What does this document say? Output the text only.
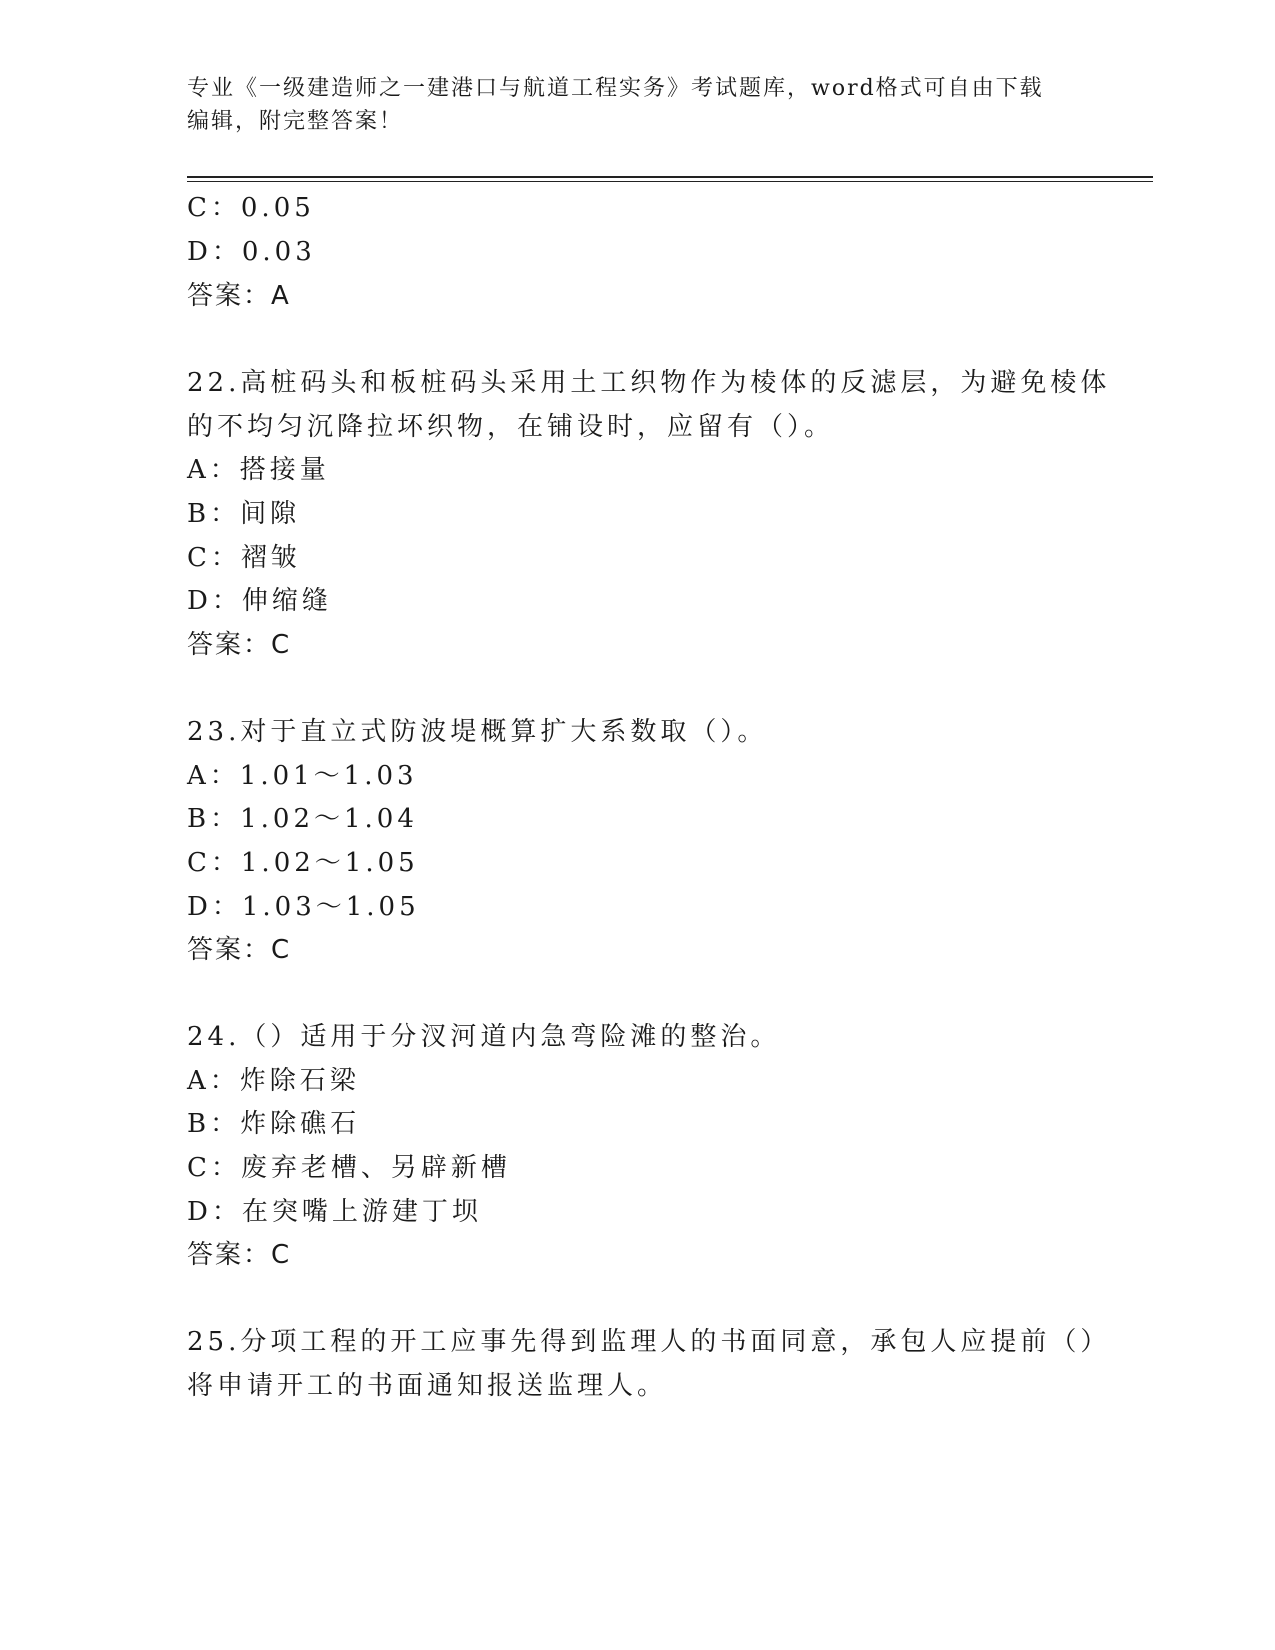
专业《一级建造师之一建港口与航道工程实务》考试题库，word格式可自由下载
编辑，附完整答案！
C：0.05
D：0.03
答案：A
22.高桩码头和板桩码头采用土工织物作为棱体的反滤层，为避免棱体
的不均匀沉降拉坏织物，在铺设时，应留有（）。
A：搭接量
B：间隙
C：褶皱
D：伸缩缝
答案：C
23.对于直立式防波堤概算扩大系数取（）。
A：1.01～1.03
B：1.02～1.04
C：1.02～1.05
D：1.03～1.05
答案：C
24.（）适用于分汊河道内急弯险滩的整治。
A：炸除石梁
B：炸除礁石
C：废弃老槽、另辟新槽
D：在突嘴上游建丁坝
答案：C
25.分项工程的开工应事先得到监理人的书面同意，承包人应提前（）
将申请开工的书面通知报送监理人。
